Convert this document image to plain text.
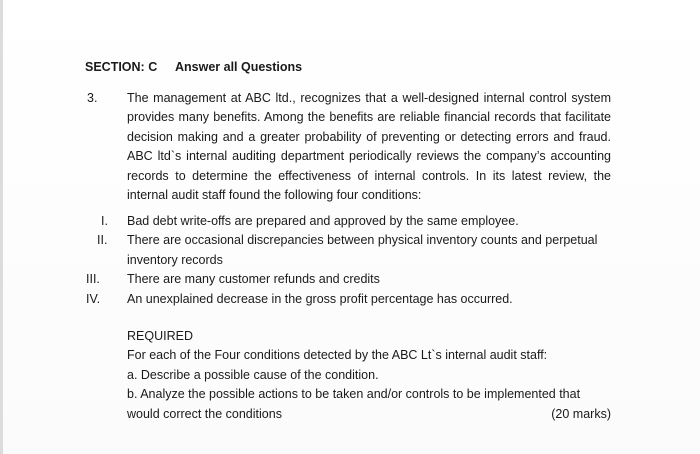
SECTION: C Answer all Questions
3. The management at ABC ltd., recognizes that a well-designed internal control system provides many benefits. Among the benefits are reliable financial records that facilitate decision making and a greater probability of preventing or detecting errors and fraud. ABC ltd`s internal auditing department periodically reviews the company’s accounting records to determine the effectiveness of internal controls. In its latest review, the internal audit staff found the following four conditions:
I.	Bad debt write-offs are prepared and approved by the same employee.
II.	There are occasional discrepancies between physical inventory counts and perpetual inventory records
III.	There are many customer refunds and credits
IV.	An unexplained decrease in the gross profit percentage has occurred.
REQUIRED
For each of the Four conditions detected by the ABC Lt`s internal audit staff:
a. Describe a possible cause of the condition.
b. Analyze the possible actions to be taken and/or controls to be implemented that
would correct the conditions	(20 marks)
